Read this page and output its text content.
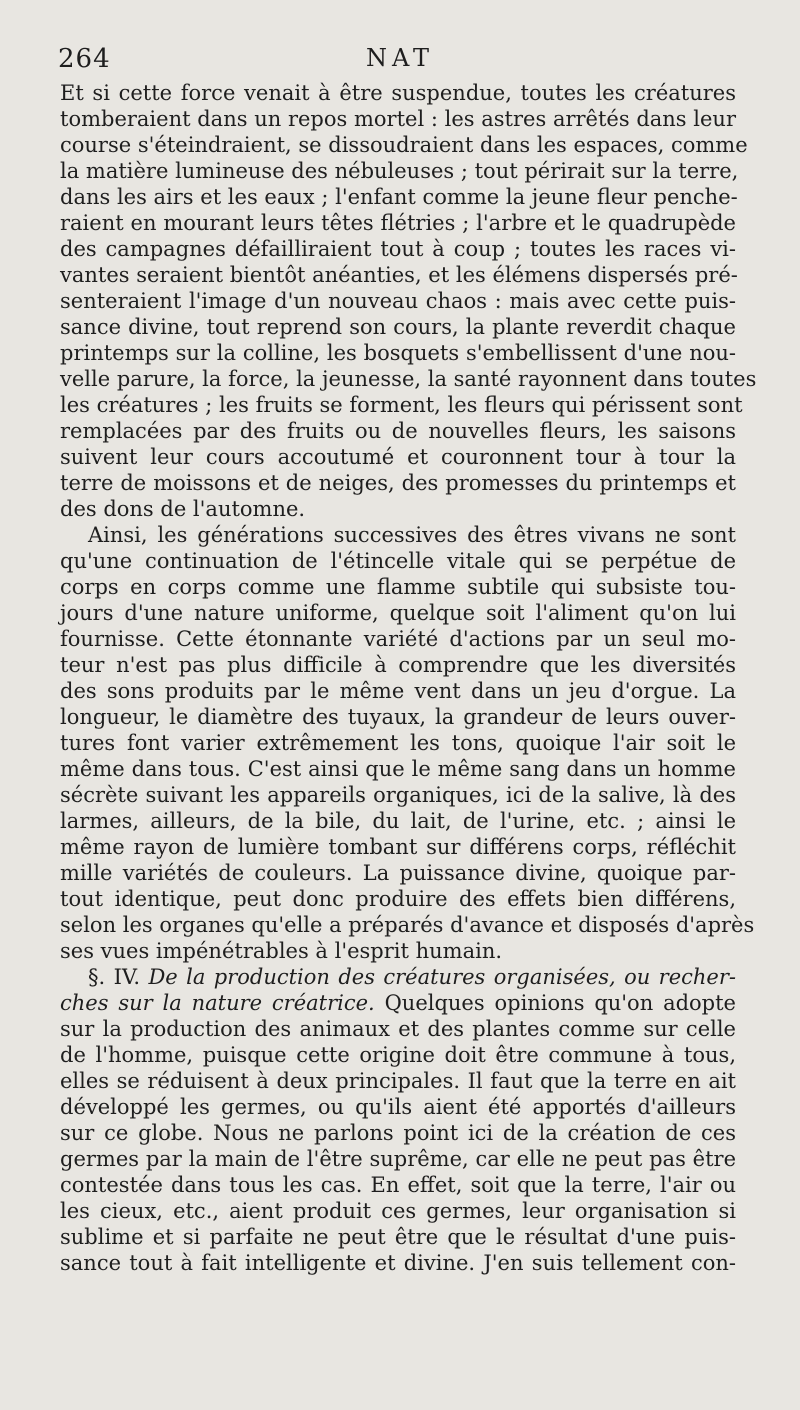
264	NAT
Et si cette force venait à être suspendue, toutes les créatures
tomberaient dans un repos mortel : les astres arrêtés dans leur
course s'éteindraient, se dissoudraient dans les espaces, comme
la matière lumineuse des nébuleuses ; tout périrait sur la terre,
dans les airs et les eaux ; l'enfant comme la jeune fleur penche-
raient en mourant leurs têtes flétries ; l'arbre et le quadrupède
des campagnes défailliraient tout à coup ; toutes les races vi-
vantes seraient bientôt anéanties, et les élémens dispersés pré-
senteraient l'image d'un nouveau chaos : mais avec cette puis-
sance divine, tout reprend son cours, la plante reverdit chaque
printemps sur la colline, les bosquets s'embellissent d'une nou-
velle parure, la force, la jeunesse, la santé rayonnent dans toutes
les créatures ; les fruits se forment, les fleurs qui périssent sont
remplacées par des fruits ou de nouvelles fleurs, les saisons
suivent leur cours accoutumé et couronnent tour à tour la
terre de moissons et de neiges, des promesses du printemps et
des dons de l'automne.
Ainsi, les générations successives des êtres vivans ne sont
qu'une continuation de l'étincelle vitale qui se perpétue de
corps en corps comme une flamme subtile qui subsiste tou-
jours d'une nature uniforme, quelque soit l'aliment qu'on lui
fournisse. Cette étonnante variété d'actions par un seul mo-
teur n'est pas plus difficile à comprendre que les diversités
des sons produits par le même vent dans un jeu d'orgue. La
longueur, le diamètre des tuyaux, la grandeur de leurs ouver-
tures font varier extrêmement les tons, quoique l'air soit le
même dans tous. C'est ainsi que le même sang dans un homme
sécrète suivant les appareils organiques, ici de la salive, là des
larmes, ailleurs, de la bile, du lait, de l'urine, etc. ; ainsi le
même rayon de lumière tombant sur différens corps, réfléchit
mille variétés de couleurs. La puissance divine, quoique par-
tout identique, peut donc produire des effets bien différens,
selon les organes qu'elle a préparés d'avance et disposés d'après
ses vues impénétrables à l'esprit humain.
§. IV. De la production des créatures organisées, ou recher-
ches sur la nature créatrice. Quelques opinions qu'on adopte
sur la production des animaux et des plantes comme sur celle
de l'homme, puisque cette origine doit être commune à tous,
elles se réduisent à deux principales. Il faut que la terre en ait
développé les germes, ou qu'ils aient été apportés d'ailleurs
sur ce globe. Nous ne parlons point ici de la création de ces
germes par la main de l'être suprême, car elle ne peut pas être
contestée dans tous les cas. En effet, soit que la terre, l'air ou
les cieux, etc., aient produit ces germes, leur organisation si
sublime et si parfaite ne peut être que le résultat d'une puis-
sance tout à fait intelligente et divine. J'en suis tellement con-
